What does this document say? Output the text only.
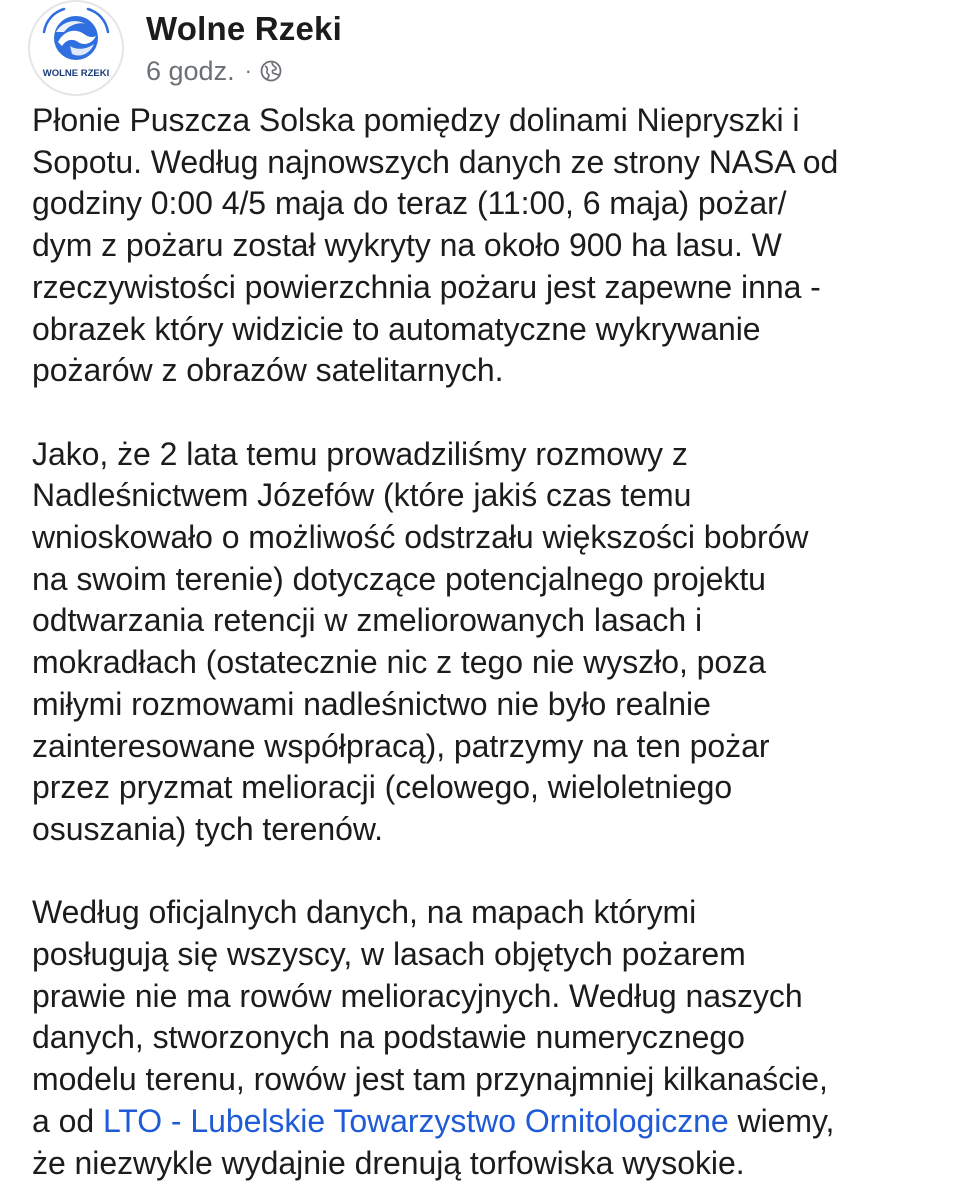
WOLNE RZEKI
Wolne Rzeki
6 godz. ·
Płonie Puszcza Solska pomiędzy dolinami Niepryszki i
Sopotu. Według najnowszych danych ze strony NASA od
godziny 0:00 4/5 maja do teraz (11:00, 6 maja) pożar/
dym z pożaru został wykryty na około 900 ha lasu. W
rzeczywistości powierzchnia pożaru jest zapewne inna -
obrazek który widzicie to automatyczne wykrywanie
pożarów z obrazów satelitarnych.
Jako, że 2 lata temu prowadziliśmy rozmowy z
Nadleśnictwem Józefów (które jakiś czas temu
wnioskowało o możliwość odstrzału większości bobrów
na swoim terenie) dotyczące potencjalnego projektu
odtwarzania retencji w zmeliorowanych lasach i
mokradłach (ostatecznie nic z tego nie wyszło, poza
miłymi rozmowami nadleśnictwo nie było realnie
zainteresowane współpracą), patrzymy na ten pożar
przez pryzmat melioracji (celowego, wieloletniego
osuszania) tych terenów.
Według oficjalnych danych, na mapach którymi
posługują się wszyscy, w lasach objętych pożarem
prawie nie ma rowów melioracyjnych. Według naszych
danych, stworzonych na podstawie numerycznego
modelu terenu, rowów jest tam przynajmniej kilkanaście,
a od LTO - Lubelskie Towarzystwo Ornitologiczne wiemy,
że niezwykle wydajnie drenują torfowiska wysokie.
